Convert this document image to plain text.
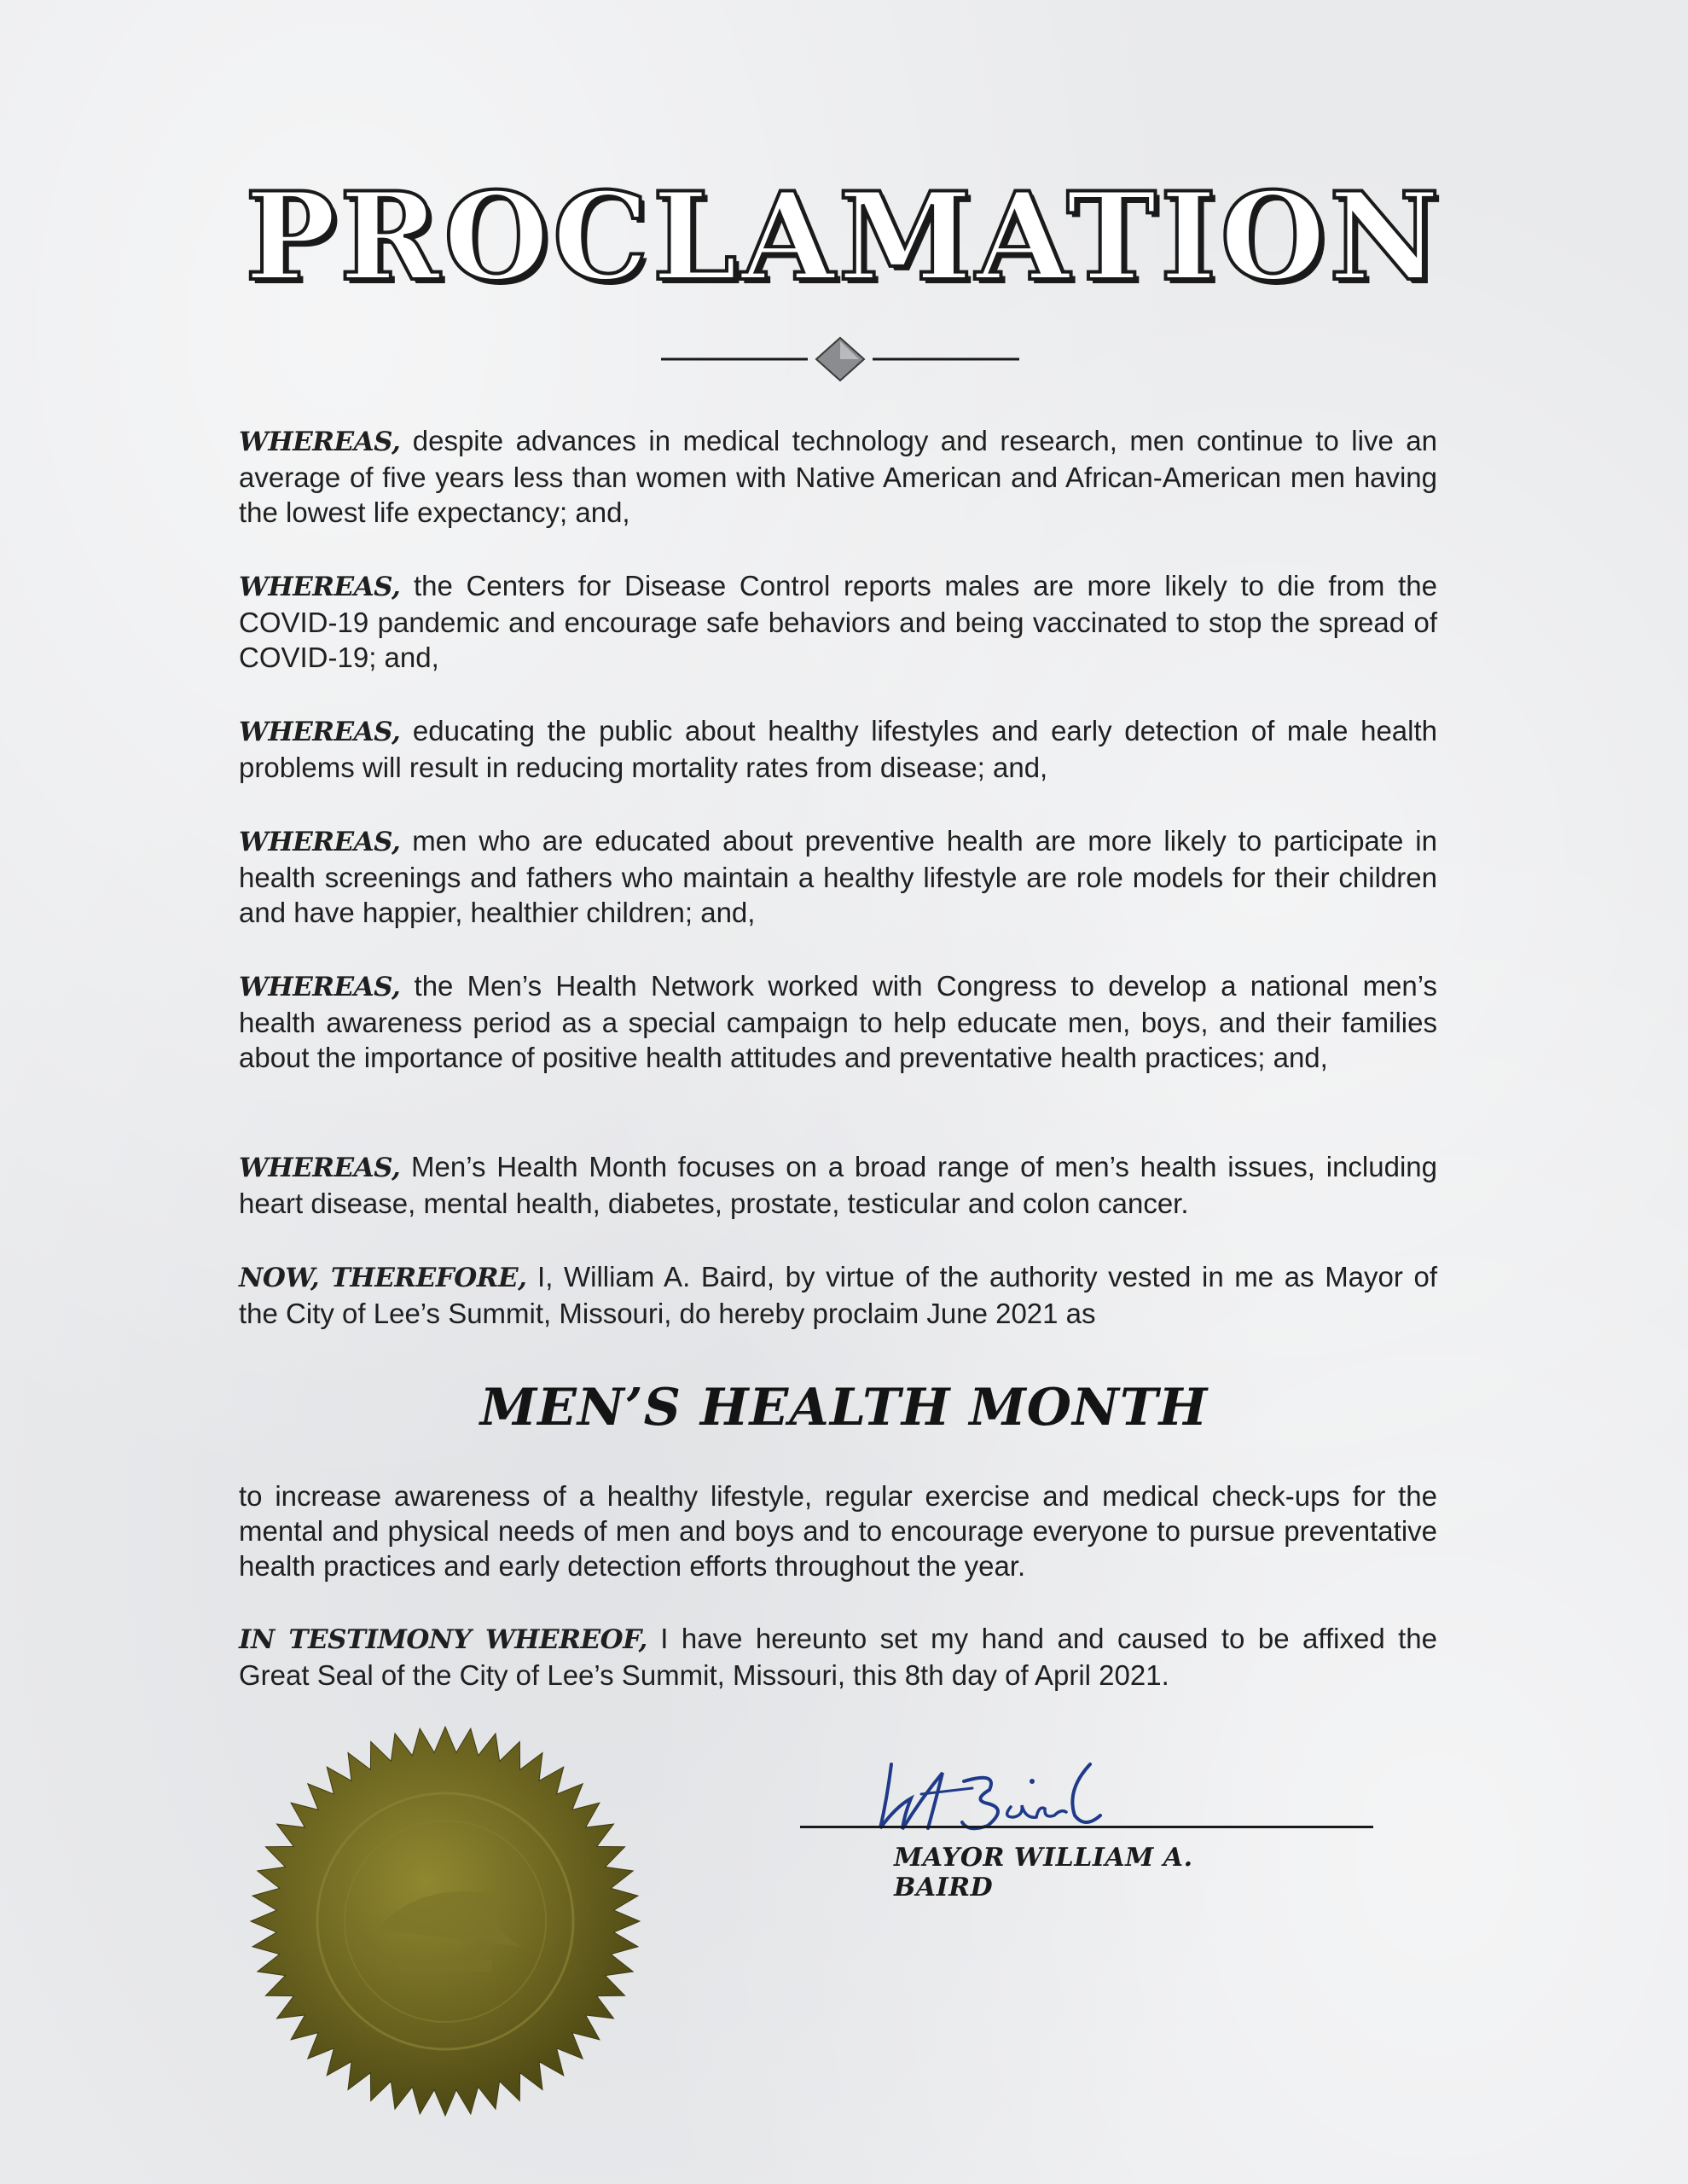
PROCLAMATION
WHEREAS, despite advances in medical technology and research, men continue to live an average of five years less than women with Native American and African-American men having the lowest life expectancy; and,
WHEREAS, the Centers for Disease Control reports males are more likely to die from the COVID-19 pandemic and encourage safe behaviors and being vaccinated to stop the spread of COVID-19; and,
WHEREAS, educating the public about healthy lifestyles and early detection of male health problems will result in reducing mortality rates from disease; and,
WHEREAS, men who are educated about preventive health are more likely to participate in health screenings and fathers who maintain a healthy lifestyle are role models for their children and have happier, healthier children; and,
WHEREAS, the Men’s Health Network worked with Congress to develop a national men’s health awareness period as a special campaign to help educate men, boys, and their families about the importance of positive health attitudes and preventative health practices; and,
WHEREAS, Men’s Health Month focuses on a broad range of men’s health issues, including heart disease, mental health, diabetes, prostate, testicular and colon cancer.
NOW, THEREFORE, I, William A. Baird, by virtue of the authority vested in me as Mayor of the City of Lee’s Summit, Missouri, do hereby proclaim June 2021 as
MEN’S HEALTH MONTH
to increase awareness of a healthy lifestyle, regular exercise and medical check-ups for the mental and physical needs of men and boys and to encourage everyone to pursue preventative health practices and early detection efforts throughout the year.
IN TESTIMONY WHEREOF, I have hereunto set my hand and caused to be affixed the Great Seal of the City of Lee’s Summit, Missouri, this 8th day of April 2021.
MAYOR WILLIAM A. BAIRD
